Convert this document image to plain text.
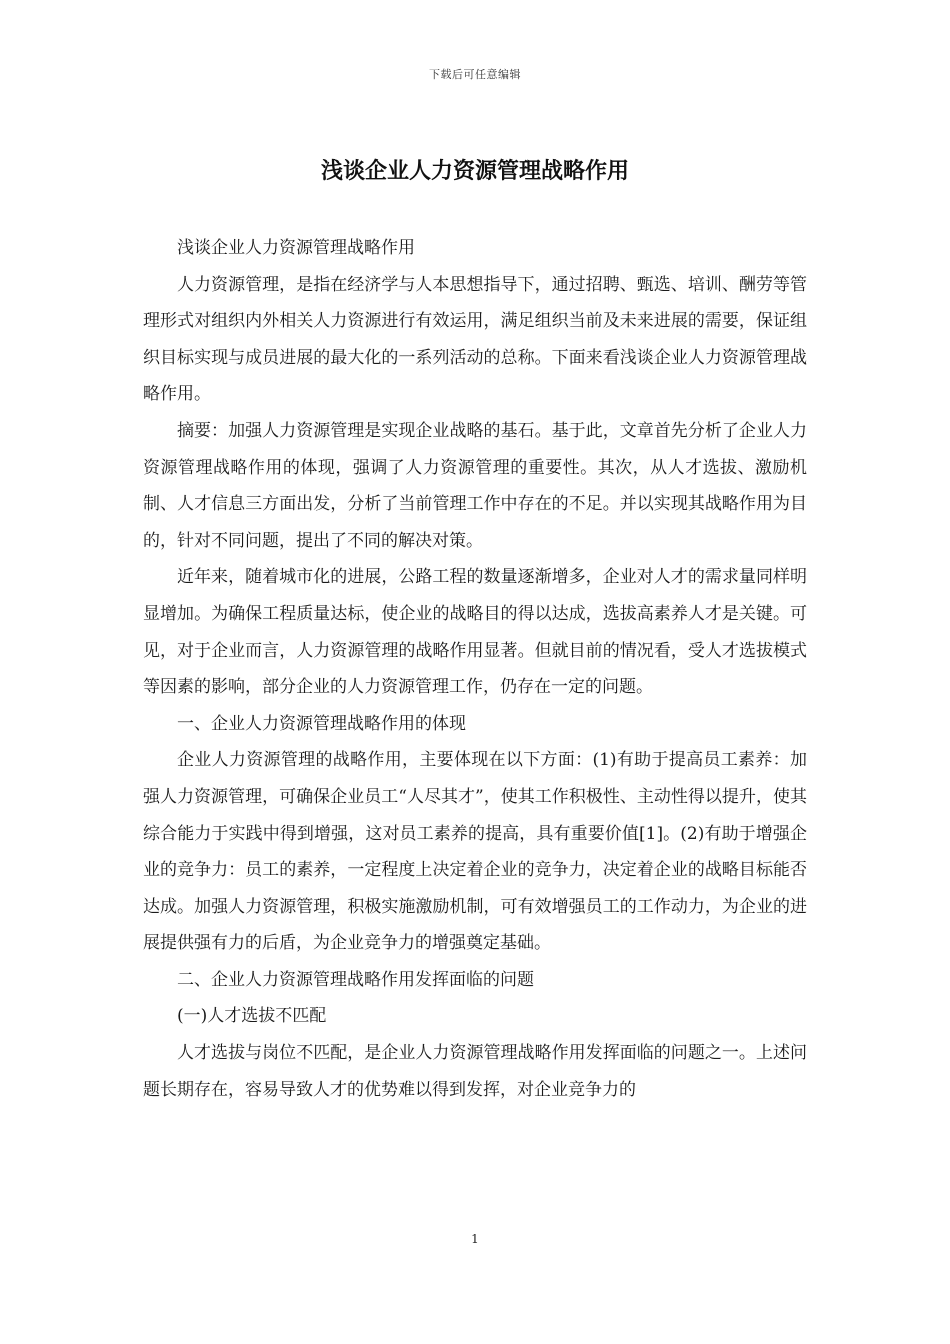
下载后可任意编辑
浅谈企业人力资源管理战略作用

浅谈企业人力资源管理战略作用

人力资源管理，是指在经济学与人本思想指导下，通过招聘、甄选、培训、酬劳等管理形式对组织内外相关人力资源进行有效运用，满足组织当前及未来进展的需要，保证组织目标实现与成员进展的最大化的一系列活动的总称。下面来看浅谈企业人力资源管理战略作用。

摘要：加强人力资源管理是实现企业战略的基石。基于此，文章首先分析了企业人力资源管理战略作用的体现，强调了人力资源管理的重要性。其次，从人才选拔、激励机制、人才信息三方面出发，分析了当前管理工作中存在的不足。并以实现其战略作用为目的，针对不同问题，提出了不同的解决对策。

近年来，随着城市化的进展，公路工程的数量逐渐增多，企业对人才的需求量同样明显增加。为确保工程质量达标，使企业的战略目的得以达成，选拔高素养人才是关键。可见，对于企业而言，人力资源管理的战略作用显著。但就目前的情况看，受人才选拔模式等因素的影响，部分企业的人力资源管理工作，仍存在一定的问题。

一、企业人力资源管理战略作用的体现

企业人力资源管理的战略作用，主要体现在以下方面：(1)有助于提高员工素养：加强人力资源管理，可确保企业员工“人尽其才”，使其工作积极性、主动性得以提升，使其综合能力于实践中得到增强，这对员工素养的提高，具有重要价值[1]。(2)有助于增强企业的竞争力：员工的素养，一定程度上决定着企业的竞争力，决定着企业的战略目标能否达成。加强人力资源管理，积极实施激励机制，可有效增强员工的工作动力，为企业的进展提供强有力的后盾，为企业竞争力的增强奠定基础。

二、企业人力资源管理战略作用发挥面临的问题

(一)人才选拔不匹配

人才选拔与岗位不匹配，是企业人力资源管理战略作用发挥面临的问题之一。上述问题长期存在，容易导致人才的优势难以得到发挥，对企业竞争力的

1
